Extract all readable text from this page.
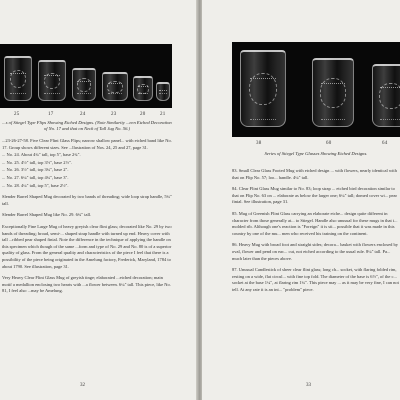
25	17	24	23	20	21
...s of Stiegel Type Flips Showing Etched Designs. (Note Similarity ...een Etched Decoration of No. 17 and that on Neck of Tall Jug No. 56.)

...23-26-27-58. Five Clear Flint Glass Flips; narrow shallow panel... with etched band like No. 17. Group shows different sizes. See ...llustration of Nos. 24, 25 and 27, page 31.

... No. 24. About 4¾" tall, top 5", base 2¾".

... No. 25. 4½" tall, top 3½", base 2½".

... No. 26. 3½" tall, top 3¾", base 2".

... No. 27. 6¼" tall, top 4¾", base 3".

... No. 28. 4¼" tall, top 5", base 2½".

Slender Barrel Shaped Mug decorated by two bands of threading; wide loop strap handle, 5¾" tall.

Slender Barrel Shaped Mug like No. 29. 6¾" tall.

Exceptionally Fine Large Mug of heavy greyish clear flint glass; decorated like No. 29 by two bands of threading; broad, semi-... shaped strap handle with turned up end. Heavy cover with tall ...ribbed pear shaped finial. Note the difference in the technique of applying the handle on this specimen which though of the same ...form and type of No. 29 and No. 80 is of a superior quality of glass. From the general quality and characteristics of the piece I feel that there is a possibility of the piece being originated in the Amelung factory, Frederick, Maryland, 1784 to about 1790. See illustration, page 31.

Very Heavy Clear Flint Glass Mug of greyish tinge; elaborated ...etched decoration; main motif a medallion enclosing two hearts with ...a flower between. 6¼" tall. This piece, like No. 81, I feel also ...may be Amelung.

32
38	60	64
Series of Stiegel Type Glasses Showing Etched Designs.

83. Small Clear Glass Footed Mug with etched design ... with flowers, nearly identical with that on Flip No. 57; loo... handle. 4¼" tall.

84. Clear Flint Glass Mug similar to No. 83; loop strap ... etched bird decoration similar to that on Flip No. 63 on ... elaborate as below the larger one; 6¼" tall; domed cover wi... pear finial. See illustration, page 31.

85. Mug of Greenish Flint Glass carrying an elaborate etche... design quite different in character from those generally at... to Stiegel. Handle also unusual for these mugs in that i... molded rib. Although one's reaction is "Foreign" it is sti... possible that it was made in this country by one of the mu... men who received his training on the continent.

86. Heavy Mug with broad foot and straight sides; decora... basket with flowers enclosed by oval, flower and pend on eac... cut, not etched according to the usual rule. 8¼" tall. Pa... much later than the pieces above.

87. Unusual Candlestick of sheer clear flint glass; long ch... socket, with flaring folded rim, resting on a wide, flat circul... with fine top fold. The diameter of the base is 6½", of the c... socket at the base 1¼", at flaring rim 1¾". This piece may ... as it may be very fine, I can not tell. At any rate it is an int... "problem" piece.

33
